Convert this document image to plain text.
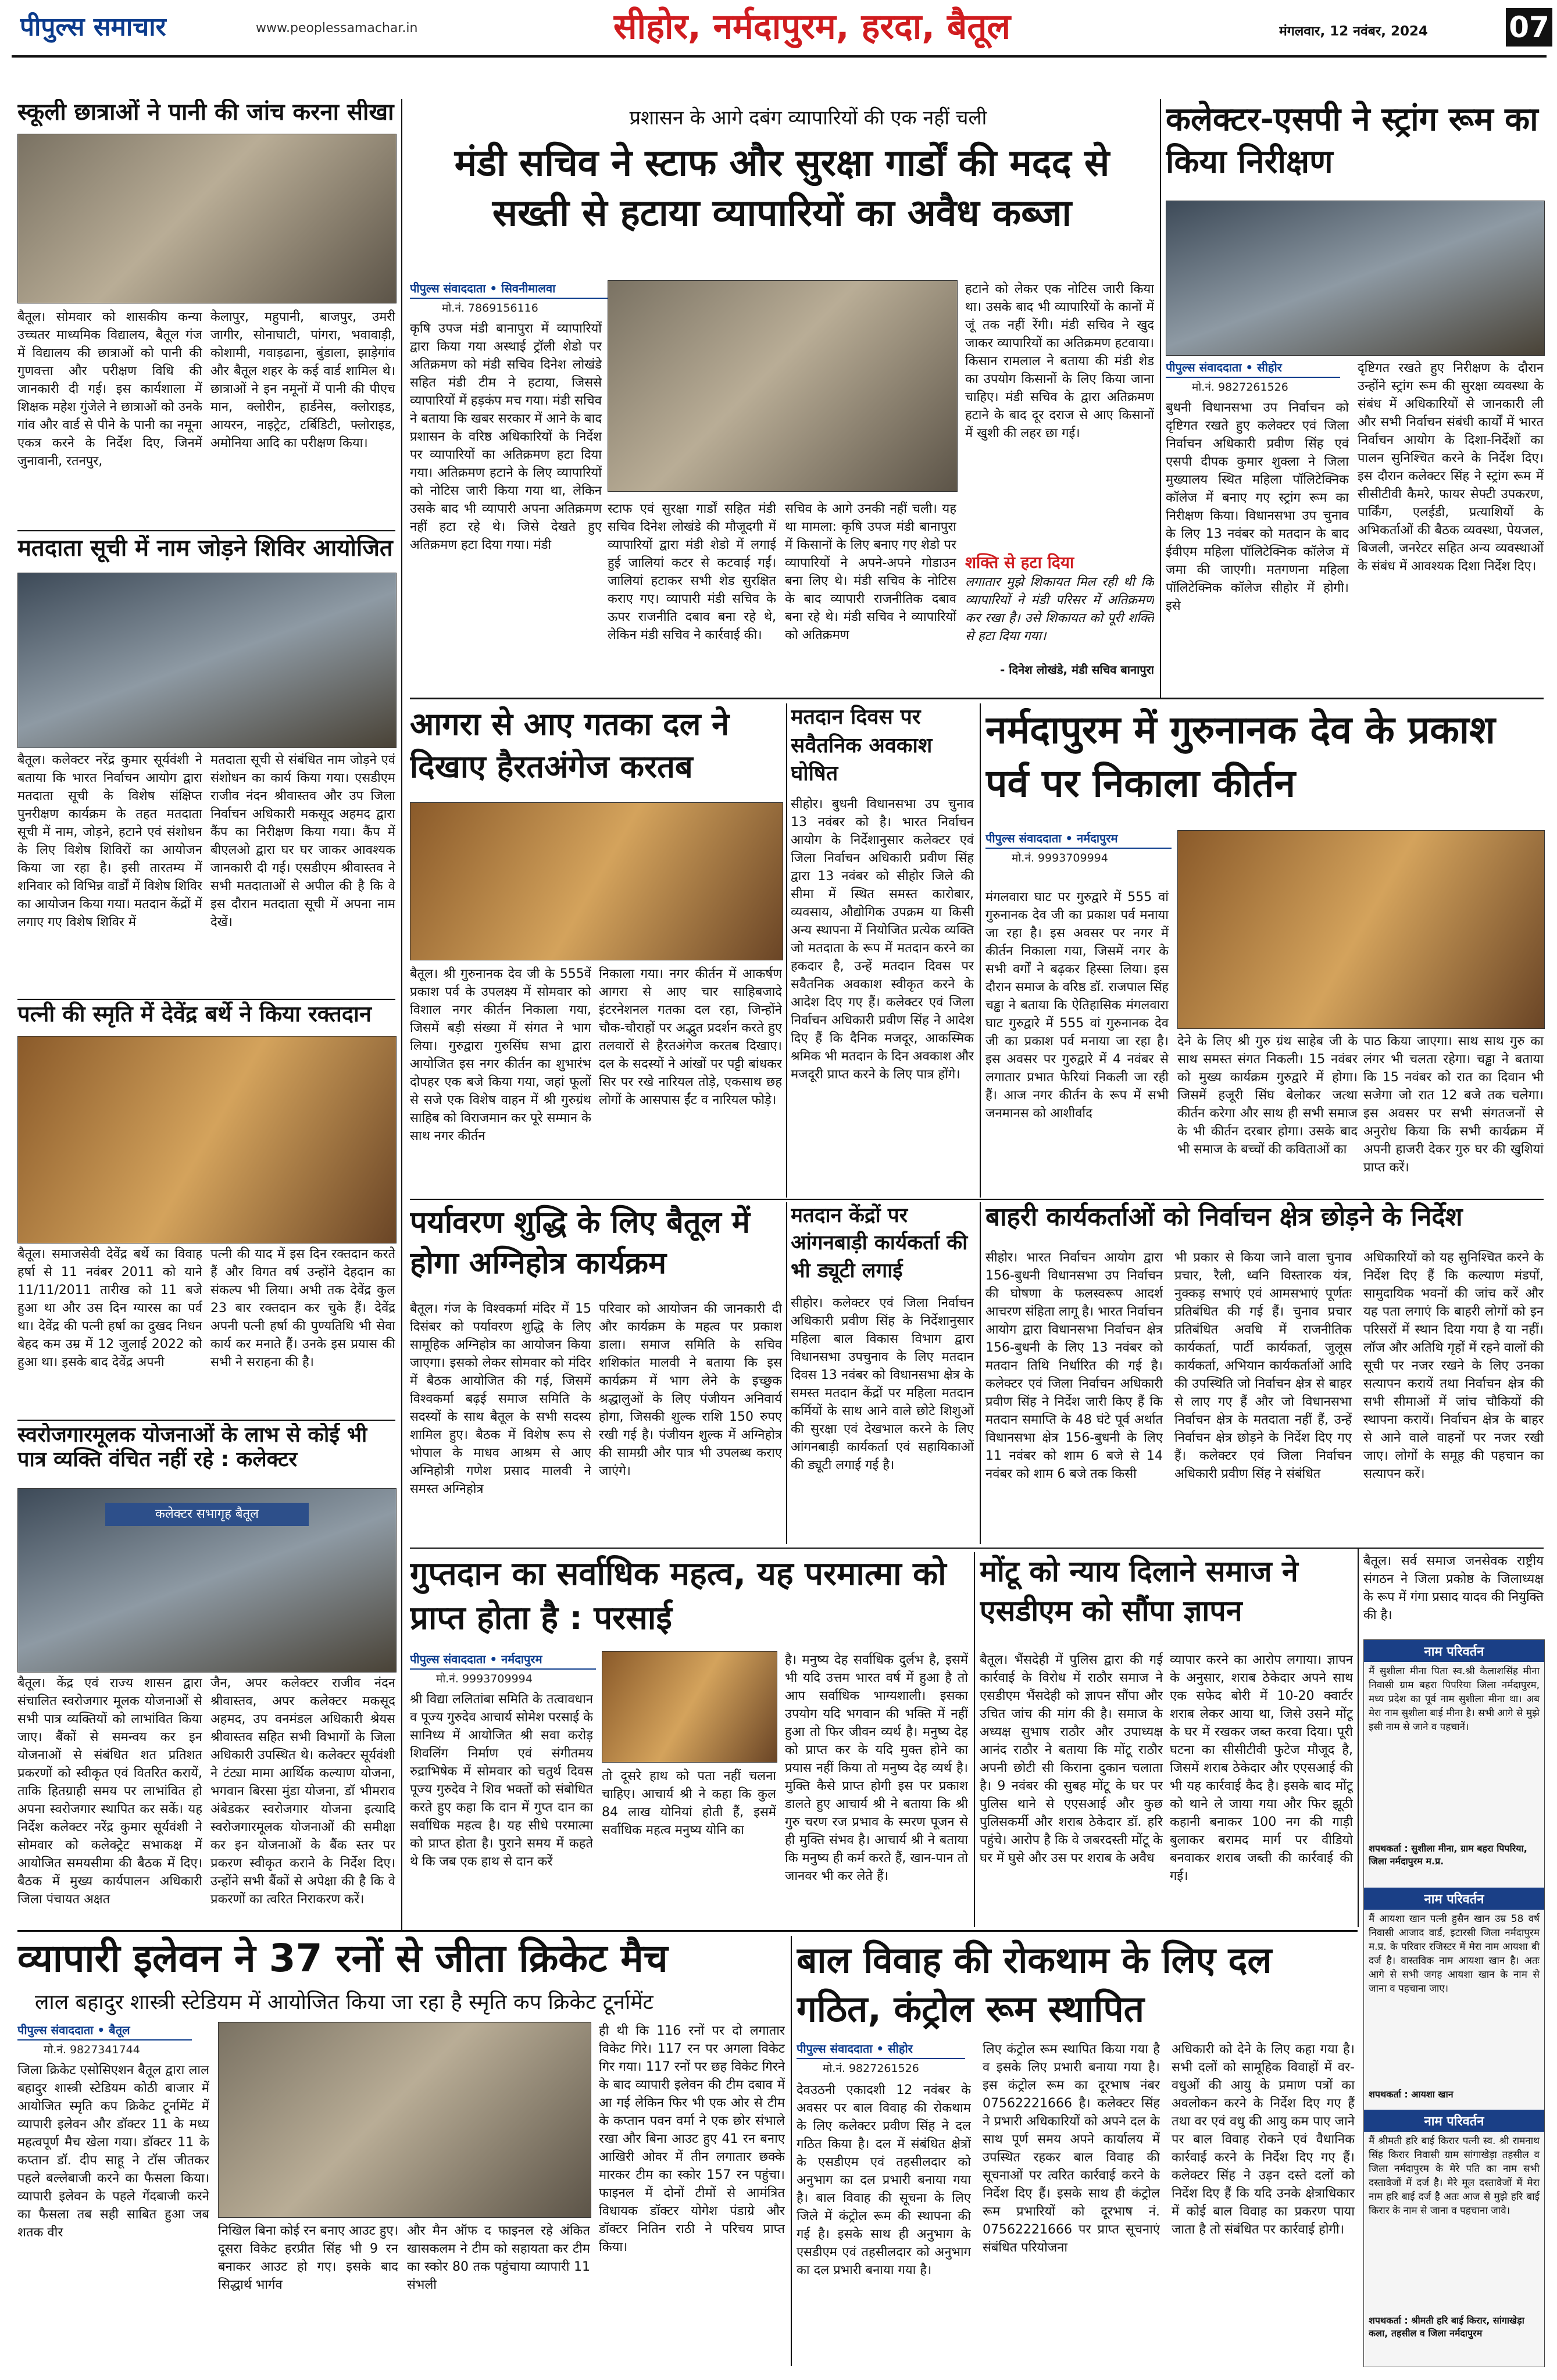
पीपुल्स समाचार	www.peoplessamachar.in	सीहोर, नर्मदापुरम, हरदा, बैतूल	मंगलवार, 12 नवंबर, 2024	07
स्कूली छात्राओं ने पानी की जांच करना सीखा
बैतूल। सोमवार को शासकीय कन्या उच्चतर माध्यमिक विद्यालय, बैतूल गंज में विद्यालय की छात्राओं को पानी की गुणवत्ता और परीक्षण विधि की जानकारी दी गई। इस कार्यशाला में शिक्षक महेश गुंजेले ने छात्राओं को उनके गांव और वार्ड से पीने के पानी का नमूना एकत्र करने के निर्देश दिए, जिनमें जुनावानी, रतनपुर,
केलापुर, महुपानी, बाजपुर, उमरी जागीर, सोनाघाटी, पांगरा, भवावाड़ी, कोशामी, गवाड़ढाना, बुंडाला, झाड़ेगांव और बैतूल शहर के कई वार्ड शामिल थे। छात्राओं ने इन नमूनों में पानी की पीएच मान, क्लोरीन, हार्डनेस, क्लोराइड, आयरन, नाइट्रेट, टर्बिडिटी, फ्लोराइड, अमोनिया आदि का परीक्षण किया।
मतदाता सूची में नाम जोड़ने शिविर आयोजित
बैतूल। कलेक्टर नरेंद्र कुमार सूर्यवंशी ने बताया कि भारत निर्वाचन आयोग द्वारा मतदाता सूची के विशेष संक्षिप्त पुनरीक्षण कार्यक्रम के तहत मतदाता सूची में नाम, जोड़ने, हटाने एवं संशोधन के लिए विशेष शिविरों का आयोजन किया जा रहा है। इसी तारतम्य में शनिवार को विभिन्न वार्डों में विशेष शिविर का आयोजन किया गया। मतदान केंद्रों में लगाए गए विशेष शिविर में
मतदाता सूची से संबंधित नाम जोड़ने एवं संशोधन का कार्य किया गया। एसडीएम राजीव नंदन श्रीवास्तव और उप जिला निर्वाचन अधिकारी मकसूद अहमद द्वारा कैंप का निरीक्षण किया गया। कैंप में बीएलओ द्वारा घर घर जाकर आवश्यक जानकारी दी गई। एसडीएम श्रीवास्तव ने सभी मतदाताओं से अपील की है कि वे इस दौरान मतदाता सूची में अपना नाम देखें।
पत्नी की स्मृति में देवेंद्र बर्थे ने किया रक्तदान
बैतूल। समाजसेवी देवेंद्र बर्थे का विवाह हर्षा से 11 नवंबर 2011 को याने 11/11/2011 तारीख को 11 बजे हुआ था और उस दिन ग्यारस का पर्व था। देवेंद्र की पत्नी हर्षा का दुखद निधन बेहद कम उम्र में 12 जुलाई 2022 को हुआ था। इसके बाद देवेंद्र अपनी
पत्नी की याद में इस दिन रक्तदान करते हैं और विगत वर्ष उन्होंने देहदान का संकल्प भी लिया। अभी तक देवेंद्र कुल 23 बार रक्तदान कर चुके हैं। देवेंद्र अपनी पत्नी हर्षा की पुण्यतिथि भी सेवा कार्य कर मनाते हैं। उनके इस प्रयास की सभी ने सराहना की है।
स्वरोजगारमूलक योजनाओं के लाभ से कोई भी पात्र व्यक्ति वंचित नहीं रहे : कलेक्टर
कलेक्टर सभागृह बैतूल
बैतूल। केंद्र एवं राज्य शासन द्वारा संचालित स्वरोजगार मूलक योजनाओं से सभी पात्र व्यक्तियों को लाभांवित किया जाए। बैंकों से समन्वय कर इन योजनाओं से संबंधित शत प्रतिशत प्रकरणों को स्वीकृत एवं वितरित करायें, ताकि हितग्राही समय पर लाभांवित हो अपना स्वरोजगार स्थापित कर सकें। यह निर्देश कलेक्टर नरेंद्र कुमार सूर्यवंशी ने सोमवार को कलेक्ट्रेट सभाकक्ष में आयोजित समयसीमा की बैठक में दिए। बैठक में मुख्य कार्यपालन अधिकारी जिला पंचायत अक्षत
जैन, अपर कलेक्टर राजीव नंदन श्रीवास्तव, अपर कलेक्टर मकसूद अहमद, उप वनमंडल अधिकारी श्रेयस श्रीवास्तव सहित सभी विभागों के जिला अधिकारी उपस्थित थे। कलेक्टर सूर्यवंशी ने टंट्या मामा आर्थिक कल्याण योजना, भगवान बिरसा मुंडा योजना, डॉ भीमराव अंबेडकर स्वरोजगार योजना इत्यादि स्वरोजगारमूलक योजनाओं की समीक्षा कर इन योजनाओं के बैंक स्तर पर प्रकरण स्वीकृत कराने के निर्देश दिए। उन्होंने सभी बैंकों से अपेक्षा की है कि वे प्रकरणों का त्वरित निराकरण करें।
प्रशासन के आगे दबंग व्यापारियों की एक नहीं चली
मंडी सचिव ने स्टाफ और सुरक्षा गार्डों की मदद से सख्ती से हटाया व्यापारियों का अवैध कब्जा
पीपुल्स संवाददाता • सिवनीमालवा
मो.नं. 7869156116
कृषि उपज मंडी बानापुरा में व्यापारियों द्वारा किया गया अस्थाई ट्रॉली शेडो पर अतिक्रमण को मंडी सचिव दिनेश लोखंडे सहित मंडी टीम ने हटाया, जिससे व्यापारियों में हड़कंप मच गया। मंडी सचिव ने बताया कि खबर सरकार में आने के बाद प्रशासन के वरिष्ठ अधिकारियों के निर्देश पर व्यापारियों का अतिक्रमण हटा दिया गया। अतिक्रमण हटाने के लिए व्यापारियों को नोटिस जारी किया गया था, लेकिन उसके बाद भी व्यापारी अपना अतिक्रमण नहीं हटा रहे थे। जिसे देखते हुए अतिक्रमण हटा दिया गया। मंडी
स्टाफ एवं सुरक्षा गार्डों सहित मंडी सचिव दिनेश लोखंडे की मौजूदगी में व्यापारियों द्वारा मंडी शेडो में लगाई हुई जालियां कटर से कटवाई गईं। जालियां हटाकर सभी शेड सुरक्षित कराए गए। व्यापारी मंडी सचिव के ऊपर राजनीति दबाव बना रहे थे, लेकिन मंडी सचिव ने कार्रवाई की।
सचिव के आगे उनकी नहीं चली। यह था मामला: कृषि उपज मंडी बानापुरा में किसानों के लिए बनाए गए शेडो पर व्यापारियों ने अपने-अपने गोडाउन बना लिए थे। मंडी सचिव के नोटिस के बाद व्यापारी राजनीतिक दबाव बना रहे थे। मंडी सचिव ने व्यापारियों को अतिक्रमण
हटाने को लेकर एक नोटिस जारी किया था। उसके बाद भी व्यापारियों के कानों में जूं तक नहीं रेंगी। मंडी सचिव ने खुद जाकर व्यापारियों का अतिक्रमण हटवाया। किसान रामलाल ने बताया की मंडी शेड का उपयोग किसानों के लिए किया जाना चाहिए। मंडी सचिव के द्वारा अतिक्रमण हटाने के बाद दूर दराज से आए किसानों में खुशी की लहर छा गई।
शक्ति से हटा दिया
लगातार मुझे शिकायत मिल रही थी कि व्यापारियों ने मंडी परिसर में अतिक्रमण कर रखा है। उसे शिकायत को पूरी शक्ति से हटा दिया गया।
- दिनेश लोखंडे, मंडी सचिव बानापुरा
कलेक्टर-एसपी ने स्ट्रांग रूम का किया निरीक्षण
पीपुल्स संवाददाता • सीहोर
मो.नं. 9827261526
बुधनी विधानसभा उप निर्वाचन को दृष्टिगत रखते हुए कलेक्टर एवं जिला निर्वाचन अधिकारी प्रवीण सिंह एवं एसपी दीपक कुमार शुक्ला ने जिला मुख्यालय स्थित महिला पॉलिटेक्निक कॉलेज में बनाए गए स्ट्रांग रूम का निरीक्षण किया। विधानसभा उप चुनाव के लिए 13 नवंबर को मतदान के बाद ईवीएम महिला पॉलिटेक्निक कॉलेज में जमा की जाएगी। मतगणना महिला पॉलिटेक्निक कॉलेज सीहोर में होगी। इसे
दृष्टिगत रखते हुए निरीक्षण के दौरान उन्होंने स्ट्रांग रूम की सुरक्षा व्यवस्था के संबंध में अधिकारियों से जानकारी ली और सभी निर्वाचन संबंधी कार्यों में भारत निर्वाचन आयोग के दिशा-निर्देशों का पालन सुनिश्चित करने के निर्देश दिए। इस दौरान कलेक्टर सिंह ने स्ट्रांग रूम में सीसीटीवी कैमरे, फायर सेफ्टी उपकरण, पार्किंग, एलईडी, प्रत्याशियों के अभिकर्ताओं की बैठक व्यवस्था, पेयजल, बिजली, जनरेटर सहित अन्य व्यवस्थाओं के संबंध में आवश्यक दिशा निर्देश दिए।
आगरा से आए गतका दल ने दिखाए हैरतअंगेज करतब
बैतूल। श्री गुरुनानक देव जी के 555वें प्रकाश पर्व के उपलक्ष्य में सोमवार को विशाल नगर कीर्तन निकाला गया, जिसमें बड़ी संख्या में संगत ने भाग लिया। गुरुद्वारा गुरुसिंघ सभा द्वारा आयोजित इस नगर कीर्तन का शुभारंभ दोपहर एक बजे किया गया, जहां फूलों से सजे एक विशेष वाहन में श्री गुरुग्रंथ साहिब को विराजमान कर पूरे सम्मान के साथ नगर कीर्तन
निकाला गया। नगर कीर्तन में आकर्षण आगरा से आए चार साहिबजादे इंटरनेशनल गतका दल रहा, जिन्होंने चौक-चौराहों पर अद्भुत प्रदर्शन करते हुए तलवारों से हैरतअंगेज करतब दिखाए। दल के सदस्यों ने आंखों पर पट्टी बांधकर सिर पर रखे नारियल तोड़े, एकसाथ छह लोगों के आसपास ईंट व नारियल फोड़े।
मतदान दिवस पर सवैतनिक अवकाश घोषित
सीहोर। बुधनी विधानसभा उप चुनाव 13 नवंबर को है। भारत निर्वाचन आयोग के निर्देशानुसार कलेक्टर एवं जिला निर्वाचन अधिकारी प्रवीण सिंह द्वारा 13 नवंबर को सीहोर जिले की सीमा में स्थित समस्त कारोबार, व्यवसाय, औद्योगिक उपक्रम या किसी अन्य स्थापना में नियोजित प्रत्येक व्यक्ति जो मतदाता के रूप में मतदान करने का हकदार है, उन्हें मतदान दिवस पर सवैतनिक अवकाश स्वीकृत करने के आदेश दिए गए हैं। कलेक्टर एवं जिला निर्वाचन अधिकारी प्रवीण सिंह ने आदेश दिए हैं कि दैनिक मजदूर, आकस्मिक श्रमिक भी मतदान के दिन अवकाश और मजदूरी प्राप्त करने के लिए पात्र होंगे।
नर्मदापुरम में गुरुनानक देव के प्रकाश पर्व पर निकाला कीर्तन
पीपुल्स संवाददाता • नर्मदापुरम
मो.नं. 9993709994
मंगलवारा घाट पर गुरुद्वारे में 555 वां गुरुनानक देव जी का प्रकाश पर्व मनाया जा रहा है। इस अवसर पर नगर में कीर्तन निकाला गया, जिसमें नगर के सभी वर्गों ने बढ़कर हिस्सा लिया। इस दौरान समाज के वरिष्ठ डॉ. राजपाल सिंह चड्ढा ने बताया कि ऐतिहासिक मंगलवारा घाट गुरुद्वारे में 555 वां गुरुनानक देव जी का प्रकाश पर्व मनाया जा रहा है। इस अवसर पर गुरुद्वारे में 4 नवंबर से लगातार प्रभात फेरियां निकली जा रही हैं। आज नगर कीर्तन के रूप में सभी जनमानस को आशीर्वाद
देने के लिए श्री गुरु ग्रंथ साहेब जी के साथ समस्त संगत निकली। 15 नवंबर को मुख्य कार्यक्रम गुरुद्वारे में होगा। जिसमें हजूरी सिंघ बेलोकर जत्था कीर्तन करेगा और साथ ही सभी समाज के भी कीर्तन दरबार होगा। उसके बाद भी समाज के बच्चों की कविताओं का
पाठ किया जाएगा। साथ साथ गुरु का लंगर भी चलता रहेगा। चड्ढा ने बताया कि 15 नवंबर को रात का दिवान भी सजेगा जो रात 12 बजे तक चलेगा। इस अवसर पर सभी संगतजनों से अनुरोध किया कि सभी कार्यक्रम में अपनी हाजरी देकर गुरु घर की खुशियां प्राप्त करें।
पर्यावरण शुद्धि के लिए बैतूल में होगा अग्निहोत्र कार्यक्रम
बैतूल। गंज के विश्वकर्मा मंदिर में 15 दिसंबर को पर्यावरण शुद्धि के लिए सामूहिक अग्निहोत्र का आयोजन किया जाएगा। इसको लेकर सोमवार को मंदिर में बैठक आयोजित की गई, जिसमें विश्वकर्मा बढ़ई समाज समिति के सदस्यों के साथ बैतूल के सभी सदस्य शामिल हुए। बैठक में विशेष रूप से भोपाल के माधव आश्रम से आए अग्निहोत्री गणेश प्रसाद मालवी ने समस्त अग्निहोत्र
परिवार को आयोजन की जानकारी दी और कार्यक्रम के महत्व पर प्रकाश डाला। समाज समिति के सचिव शशिकांत मालवी ने बताया कि इस कार्यक्रम में भाग लेने के इच्छुक श्रद्धालुओं के लिए पंजीयन अनिवार्य होगा, जिसकी शुल्क राशि 150 रुपए रखी गई है। पंजीयन शुल्क में अग्निहोत्र की सामग्री और पात्र भी उपलब्ध कराए जाएंगे।
मतदान केंद्रों पर आंगनबाड़ी कार्यकर्ता की भी ड्यूटी लगाई
सीहोर। कलेक्टर एवं जिला निर्वाचन अधिकारी प्रवीण सिंह के निर्देशानुसार महिला बाल विकास विभाग द्वारा विधानसभा उपचुनाव के लिए मतदान दिवस 13 नवंबर को विधानसभा क्षेत्र के समस्त मतदान केंद्रों पर महिला मतदान कर्मियों के साथ आने वाले छोटे शिशुओं की सुरक्षा एवं देखभाल करने के लिए आंगनबाड़ी कार्यकर्ता एवं सहायिकाओं की ड्यूटी लगाई गई है।
बाहरी कार्यकर्ताओं को निर्वाचन क्षेत्र छोड़ने के निर्देश
सीहोर। भारत निर्वाचन आयोग द्वारा 156-बुधनी विधानसभा उप निर्वाचन की घोषणा के फलस्वरूप आदर्श आचरण संहिता लागू है। भारत निर्वाचन आयोग द्वारा विधानसभा निर्वाचन क्षेत्र 156-बुधनी के लिए 13 नवंबर को मतदान तिथि निर्धारित की गई है। कलेक्टर एवं जिला निर्वाचन अधिकारी प्रवीण सिंह ने निर्देश जारी किए हैं कि मतदान समाप्ति के 48 घंटे पूर्व अर्थात विधानसभा क्षेत्र 156-बुधनी के लिए 11 नवंबर को शाम 6 बजे से 14 नवंबर को शाम 6 बजे तक किसी
भी प्रकार से किया जाने वाला चुनाव प्रचार, रैली, ध्वनि विस्तारक यंत्र, नुक्कड़ सभाएं एवं आमसभाएं पूर्णतः प्रतिबंधित की गई हैं। चुनाव प्रचार प्रतिबंधित अवधि में राजनीतिक कार्यकर्ता, पार्टी कार्यकर्ता, जुलूस कार्यकर्ता, अभियान कार्यकर्ताओं आदि की उपस्थिति जो निर्वाचन क्षेत्र से बाहर से लाए गए हैं और जो विधानसभा निर्वाचन क्षेत्र के मतदाता नहीं हैं, उन्हें निर्वाचन क्षेत्र छोड़ने के निर्देश दिए गए हैं। कलेक्टर एवं जिला निर्वाचन अधिकारी प्रवीण सिंह ने संबंधित
अधिकारियों को यह सुनिश्चित करने के निर्देश दिए हैं कि कल्याण मंडपों, सामुदायिक भवनों की जांच करें और यह पता लगाएं कि बाहरी लोगों को इन परिसरों में स्थान दिया गया है या नहीं। लॉज और अतिथि गृहों में रहने वालों की सूची पर नजर रखने के लिए उनका सत्यापन करायें तथा निर्वाचन क्षेत्र की सभी सीमाओं में जांच चौकियों की स्थापना करायें। निर्वाचन क्षेत्र के बाहर से आने वाले वाहनों पर नजर रखी जाए। लोगों के समूह की पहचान का सत्यापन करें।
गुप्तदान का सर्वाधिक महत्व, यह परमात्मा को प्राप्त होता है : परसाई
पीपुल्स संवाददाता • नर्मदापुरम
मो.नं. 9993709994
श्री विद्या ललितांबा समिति के तत्वावधान व पूज्य गुरुदेव आचार्य सोमेश परसाई के सानिध्य में आयोजित श्री सवा करोड़ शिवलिंग निर्माण एवं संगीतमय रुद्राभिषेक में सोमवार को चतुर्थ दिवस पूज्य गुरुदेव ने शिव भक्तों को संबोधित करते हुए कहा कि दान में गुप्त दान का सर्वाधिक महत्व है। यह सीधे परमात्मा को प्राप्त होता है। पुराने समय में कहते थे कि जब एक हाथ से दान करें
तो दूसरे हाथ को पता नहीं चलना चाहिए। आचार्य श्री ने कहा कि कुल 84 लाख योनियां होती हैं, इसमें सर्वाधिक महत्व मनुष्य योनि का
है। मनुष्य देह सर्वाधिक दुर्लभ है, इसमें भी यदि उत्तम भारत वर्ष में हुआ है तो आप सर्वाधिक भाग्यशाली। इसका उपयोग यदि भगवान की भक्ति में नहीं हुआ तो फिर जीवन व्यर्थ है। मनुष्य देह को प्राप्त कर के यदि मुक्त होने का प्रयास नहीं किया तो मनुष्य देह व्यर्थ है। मुक्ति कैसे प्राप्त होगी इस पर प्रकाश डालते हुए आचार्य श्री ने बताया कि श्री गुरु चरण रज प्रभाव के स्मरण पूजन से ही मुक्ति संभव है। आचार्य श्री ने बताया कि मनुष्य ही कर्म करते हैं, खान-पान तो जानवर भी कर लेते हैं।
मोंटू को न्याय दिलाने समाज ने एसडीएम को सौंपा ज्ञापन
बैतूल। भैंसदेही में पुलिस द्वारा की गई कार्रवाई के विरोध में राठौर समाज ने एसडीएम भैंसदेही को ज्ञापन सौंपा और उचित जांच की मांग की है। समाज के अध्यक्ष सुभाष राठौर और उपाध्यक्ष आनंद राठौर ने बताया कि मोंटू राठौर अपनी छोटी सी किराना दुकान चलाता है। 9 नवंबर की सुबह मोंटू के घर पर पुलिस थाने से एएसआई और कुछ पुलिसकर्मी और शराब ठेकेदार डॉ. हरि पहुंचे। आरोप है कि वे जबरदस्ती मोंटू के घर में घुसे और उस पर शराब के अवैध
व्यापार करने का आरोप लगाया। ज्ञापन के अनुसार, शराब ठेकेदार अपने साथ एक सफेद बोरी में 10-20 क्वार्टर शराब लेकर आया था, जिसे उसने मोंटू के घर में रखकर जब्त करवा दिया। पूरी घटना का सीसीटीवी फुटेज मौजूद है, जिसमें शराब ठेकेदार और एएसआई की भी यह कार्रवाई कैद है। इसके बाद मोंटू को थाने ले जाया गया और फिर झूठी कहानी बनाकर 100 नग की गाड़ी बुलाकर बरामद मार्ग पर वीडियो बनवाकर शराब जब्ती की कार्रवाई की गई।
बैतूल। सर्व समाज जनसेवक राष्ट्रीय संगठन ने जिला प्रकोष्ठ के जिलाध्यक्ष के रूप में गंगा प्रसाद यादव की नियुक्ति की है।
नाम परिवर्तन
मैं सुशीला मीना पिता स्व.श्री कैलाशसिंह मीना निवासी ग्राम बहरा पिपरिया जिला नर्मदापुरम, मध्य प्रदेश का पूर्व नाम सुशीला मीना था। अब मेरा नाम सुशीला बाई मीना है। सभी आगे से मुझे इसी नाम से जाने व पहचानें।
शपथकर्ता : सुशीला मीना, ग्राम बहरा पिपरिया, जिला नर्मदापुरम म.प्र.
नाम परिवर्तन
मैं आयशा खान पत्नी हुसैन खान उम्र 58 वर्ष निवासी आजाद वार्ड, इटारसी जिला नर्मदापुरम म.प्र. के परिवार रजिस्टर में मेरा नाम आयशा बी दर्ज है। वास्तविक नाम आयशा खान है। अतः आगे से सभी जगह आयशा खान के नाम से जाना व पहचाना जाए।
शपथकर्ता : आयशा खान
नाम परिवर्तन
मैं श्रीमती हरि बाई किरार पत्नी स्व. श्री रामनाथ सिंह किरार निवासी ग्राम सांगाखेड़ा तहसील व जिला नर्मदापुरम के मेरे पति का नाम सभी दस्तावेजों में दर्ज है। मेरे मूल दस्तावेजों में मेरा नाम हरि बाई दर्ज है अतः आज से मुझे हरि बाई किरार के नाम से जाना व पहचाना जावे।
शपथकर्ता : श्रीमती हरि बाई किरार, सांगाखेड़ा कला, तहसील व जिला नर्मदापुरम
व्यापारी इलेवन ने 37 रनों से जीता क्रिकेट मैच
लाल बहादुर शास्त्री स्टेडियम में आयोजित किया जा रहा है स्मृति कप क्रिकेट टूर्नामेंट
पीपुल्स संवाददाता • बैतूल
मो.नं. 9827341744
जिला क्रिकेट एसोसिएशन बैतूल द्वारा लाल बहादुर शास्त्री स्टेडियम कोठी बाजार में आयोजित स्मृति कप क्रिकेट टूर्नामेंट में व्यापारी इलेवन और डॉक्टर 11 के मध्य महत्वपूर्ण मैच खेला गया। डॉक्टर 11 के कप्तान डॉ. दीप साहू ने टॉस जीतकर पहले बल्लेबाजी करने का फैसला किया। व्यापारी इलेवन के पहले गेंदबाजी करने का फैसला तब सही साबित हुआ जब शतक वीर	निखिल बिना कोई रन बनाए आउट हुए। दूसरा विकेट हरप्रीत सिंह भी 9 रन बनाकर आउट हो गए। इसके बाद सिद्धार्थ भार्गव
और मैन ऑफ द फाइनल रहे अंकित खासकलम ने टीम को सहायता कर टीम का स्कोर 80 तक पहुंचाया व्यापारी 11 संभली
ही थी कि 116 रनों पर दो लगातार विकेट गिरे। 117 रन पर अगला विकेट गिर गया। 117 रनों पर छह विकेट गिरने के बाद व्यापारी इलेवन की टीम दबाव में आ गई लेकिन फिर भी एक ओर से टीम के कप्तान पवन वर्मा ने एक छोर संभाले रखा और बिना आउट हुए 41 रन बनाए आखिरी ओवर में तीन लगातार छक्के मारकर टीम का स्कोर 157 रन पहुंचा। फाइनल में दोनों टीमों से आमंत्रित विधायक डॉक्टर योगेश पंडाग्रे और डॉक्टर नितिन राठी ने परिचय प्राप्त किया।
बाल विवाह की रोकथाम के लिए दल गठित, कंट्रोल रूम स्थापित
पीपुल्स संवाददाता • सीहोर
मो.नं. 9827261526
देवउठनी एकादशी 12 नवंबर के अवसर पर बाल विवाह की रोकथाम के लिए कलेक्टर प्रवीण सिंह ने दल गठित किया है। दल में संबंधित क्षेत्रों के एसडीएम एवं तहसीलदार को अनुभाग का दल प्रभारी बनाया गया है। बाल विवाह की सूचना के लिए जिले में कंट्रोल रूम की स्थापना की गई है। इसके साथ ही अनुभाग के एसडीएम एवं तहसीलदार को अनुभाग का दल प्रभारी बनाया गया है।
लिए कंट्रोल रूम स्थापित किया गया है व इसके लिए प्रभारी बनाया गया है। इस कंट्रोल रूम का दूरभाष नंबर 07562221666 है। कलेक्टर सिंह ने प्रभारी अधिकारियों को अपने दल के साथ पूर्ण समय अपने कार्यालय में उपस्थित रहकर बाल विवाह की सूचनाओं पर त्वरित कार्रवाई करने के निर्देश दिए हैं। इसके साथ ही कंट्रोल रूम प्रभारियों को दूरभाष नं. 07562221666 पर प्राप्त सूचनाएं संबंधित परियोजना
अधिकारी को देने के लिए कहा गया है। सभी दलों को सामूहिक विवाहों में वर-वधुओं की आयु के प्रमाण पत्रों का अवलोकन करने के निर्देश दिए गए हैं तथा वर एवं वधु की आयु कम पाए जाने पर बाल विवाह रोकने एवं वैधानिक कार्रवाई करने के निर्देश दिए गए हैं। कलेक्टर सिंह ने उड़न दस्ते दलों को निर्देश दिए हैं कि यदि उनके क्षेत्राधिकार में कोई बाल विवाह का प्रकरण पाया जाता है तो संबंधित पर कार्रवाई होगी।
